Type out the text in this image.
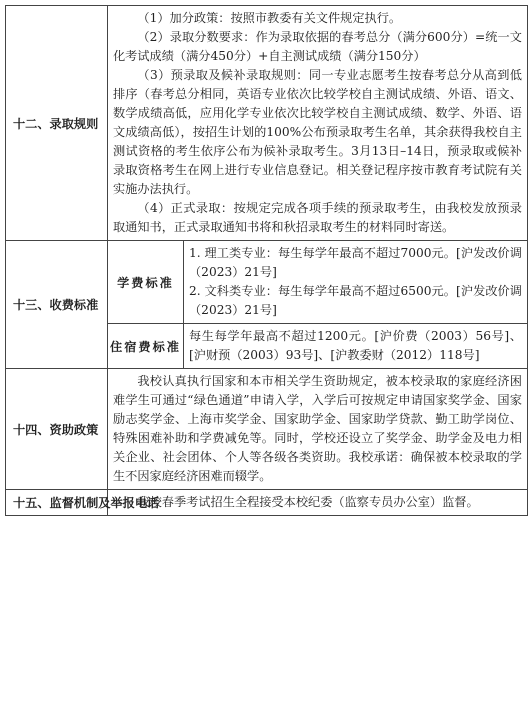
十二、录取规则	（1）加分政策：按照市教委有关文件规定执行。

（2）录取分数要求：作为录取依据的春考总分（满分600分）=统一文化考试成绩（满分450分）+自主测试成绩（满分150分）

（3）预录取及候补录取规则：同一专业志愿考生按春考总分从高到低排序（春考总分相同，英语专业依次比较学校自主测试成绩、外语、语文、数学成绩高低，应用化学专业依次比较学校自主测试成绩、数学、外语、语文成绩高低），按招生计划的100%公布预录取考生名单，其余获得我校自主测试资格的考生依序公布为候补录取考生。3月13日–14日，预录取或候补录取资格考生在网上进行专业信息登记。相关登记程序按市教育考试院有关实施办法执行。

（4）正式录取：按规定完成各项手续的预录取考生，由我校发放预录取通知书，正式录取通知书将和秋招录取考生的材料同时寄送。	

十三、收费标准	学费标准	1. 理工类专业：每生每学年最高不超过7000元。[沪发改价调（2023）21号]

2. 文科类专业：每生每学年最高不超过6500元。[沪发改价调（2023）21号]

	住宿费标准	每生每学年最高不超过1200元。[沪价费（2003）56号]、[沪财预（2003）93号]、[沪教委财（2012）118号]

十四、资助政策	我校认真执行国家和本市相关学生资助规定，被本校录取的家庭经济困难学生可通过“绿色通道”申请入学，入学后可按规定申请国家奖学金、国家励志奖学金、上海市奖学金、国家助学金、国家助学贷款、勤工助学岗位、特殊困难补助和学费减免等。同时，学校还设立了奖学金、助学金及电力相关企业、社会团体、个人等各级各类资助。我校承诺：确保被本校录取的学生不因家庭经济困难而辍学。	

十五、监督机制及举报电话	我校春季考试招生全程接受本校纪委（监察专员办公室）监督。	
